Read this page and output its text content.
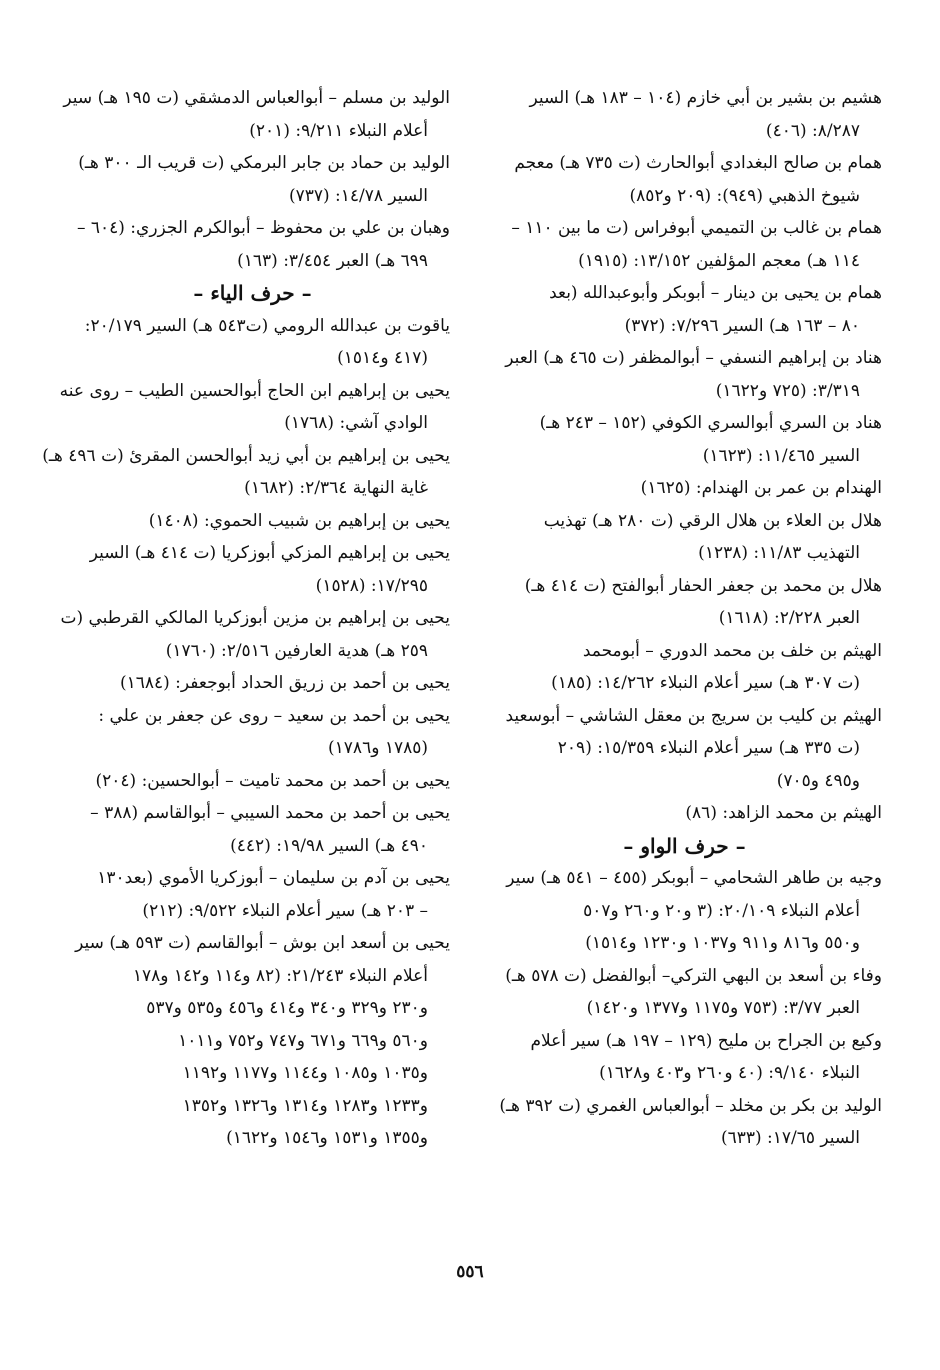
هشيم بن بشير بن أبي خازم (١٠٤ – ١٨٣ هـ) السير
٨/٢٨٧: (٤٠٦)
همام بن صالح البغدادي أبوالحارث (ت ٧٣٥ هـ) معجم
شيوخ الذهبي (٩٤٩): (٢٠٩ و٨٥٢)
همام بن غالب بن التميمي أبوفراس (ت ما بين ١١٠ –
١١٤ هـ) معجم المؤلفين ١٣/١٥٢: (١٩١٥)
همام بن يحيى بن دينار – أبوبكر وأبوعبدالله (بعد
٨٠ – ١٦٣ هـ) السير ٧/٢٩٦: (٣٧٢)
هناد بن إبراهيم النسفي – أبوالمظفر (ت ٤٦٥ هـ) العبر
٣/٣١٩: (٧٢٥ و١٦٢٢)
هناد بن السري أبوالسري الكوفي (١٥٢ – ٢٤٣ هـ)
السير ١١/٤٦٥: (١٦٢٣)
الهندام بن عمر بن الهندام: (١٦٢٥)
هلال بن العلاء بن هلال الرقي (ت ٢٨٠ هـ) تهذيب
التهذيب ١١/٨٣: (١٢٣٨)
هلال بن محمد بن جعفر الحفار أبوالفتح (ت ٤١٤ هـ)
العبر ٢/٢٢٨: (١٦١٨)
الهيثم بن خلف بن محمد الدوري – أبومحمد
(ت ٣٠٧ هـ) سير أعلام النبلاء ١٤/٢٦٢: (١٨٥)
الهيثم بن كليب بن سريج بن معقل الشاشي – أبوسعيد
(ت ٣٣٥ هـ) سير أعلام النبلاء ١٥/٣٥٩: (٢٠٩
و٤٩٥ و٧٠٥)
الهيثم بن محمد الزاهد: (٨٦)
– حرف الواو –
وجيه بن طاهر الشحامي – أبوبكر (٤٥٥ – ٥٤١ هـ) سير
أعلام النبلاء ٢٠/١٠٩: (٣ و٢٠ و٢٦٠ و٥٠٧
و٥٥٠ و٨١٦ و٩١١ و١٠٣٧ و١٢٣٠ و١٥١٤)
وفاء بن أسعد بن البهي التركي– أبوالفضل (ت ٥٧٨ هـ)
العبر ٣/٧٧: (٧٥٣ و١١٧٥ و١٣٧٧ و١٤٢٠)
وكيع بن الجراح بن مليح (١٢٩ – ١٩٧ هـ) سير أعلام
النبلاء ٩/١٤٠: (٤٠ و٢٦٠ و٤٠٣ و١٦٢٨)
الوليد بن بكر بن مخلد – أبوالعباس الغمري (ت ٣٩٢ هـ)
السير ١٧/٦٥: (٦٣٣)
الوليد بن مسلم – أبوالعباس الدمشقي (ت ١٩٥ هـ) سير
أعلام النبلاء ٩/٢١١: (٢٠١)
الوليد بن حماد بن جابر البرمكي (ت قريب الـ ٣٠٠ هـ)
السير ١٤/٧٨: (٧٣٧)
وهبان بن علي بن محفوظ – أبوالكرم الجزري: (٦٠٤ –
٦٩٩ هـ) العبر ٣/٤٥٤: (١٦٣)
– حرف الياء –
ياقوت بن عبدالله الرومي (ت٥٤٣ هـ) السير ٢٠/١٧٩:
(٤١٧ و١٥١٤)
يحيى بن إبراهيم ابن الحاج أبوالحسين الطيب – روى عنه
الوادي آشي: (١٧٦٨)
يحيى بن إبراهيم بن أبي زيد أبوالحسن المقرئ (ت ٤٩٦ هـ)
غاية النهاية ٢/٣٦٤: (١٦٨٢)
يحيى بن إبراهيم بن شبيب الحموي: (١٤٠٨)
يحيى بن إبراهيم المزكي أبوزكريا (ت ٤١٤ هـ) السير
١٧/٢٩٥: (١٥٢٨)
يحيى بن إبراهيم بن مزين أبوزكريا المالكي القرطبي (ت
٢٥٩ هـ) هدية العارفين ٢/٥١٦: (١٧٦٠)
يحيى بن أحمد بن زريق الحداد أبوجعفر: (١٦٨٤)
يحيى بن أحمد بن سعيد – روى عن جعفر بن علي :
(١٧٨٥ و١٧٨٦)
يحيى بن أحمد بن محمد تاميت – أبوالحسين: (٢٠٤)
يحيى بن أحمد بن محمد السيبي – أبوالقاسم (٣٨٨ –
٤٩٠ هـ) السير ١٩/٩٨: (٤٤٢)
يحيى بن آدم بن سليمان – أبوزكريا الأموي (بعد١٣٠
– ٢٠٣ هـ) سير أعلام النبلاء ٩/٥٢٢: (٢١٢)
يحيى بن أسعد ابن بوش – أبوالقاسم (ت ٥٩٣ هـ) سير
أعلام النبلاء ٢١/٢٤٣: (٨٢ و١١٤ و١٤٢ و١٧٨
و٢٣٠ و٣٢٩ و٣٤٠ و٤١٤ و٤٥٦ و٥٣٥ و٥٣٧
و٥٦٠ و٦٦٩ و٦٧١ و٧٤٧ و٧٥٢ و١٠١١
و١٠٣٥ و١٠٨٥ و١١٤٤ و١١٧٧ و١١٩٢
و١٢٣٣ و١٢٨٣ و١٣١٤ و١٣٢٦ و١٣٥٢
و١٣٥٥ و١٥٣١ و١٥٤٦ و١٦٢٢)
٥٥٦
